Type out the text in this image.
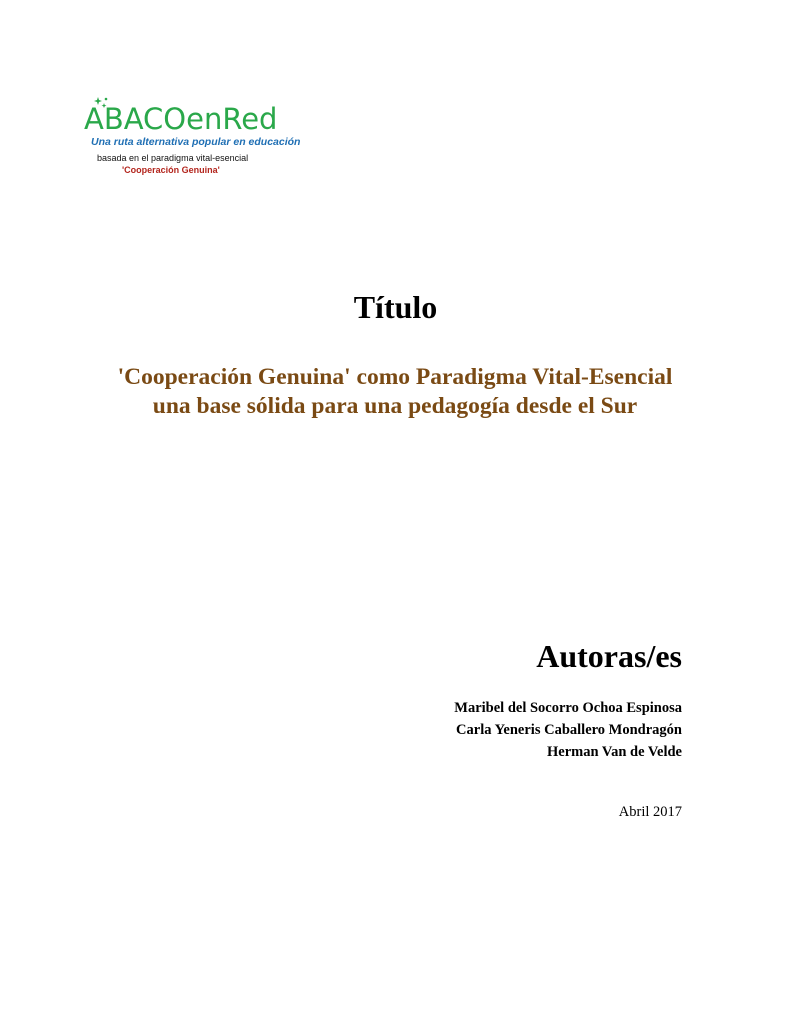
ABACOenRed
Una ruta alternativa popular en educación
basada en el paradigma vital-esencial
'Cooperación Genuina'
Título
'Cooperación Genuina' como Paradigma Vital-Esencial una base sólida para una pedagogía desde el Sur
Autoras/es
Maribel del Socorro Ochoa Espinosa
Carla Yeneris Caballero Mondragón
Herman Van de Velde
Abril 2017
